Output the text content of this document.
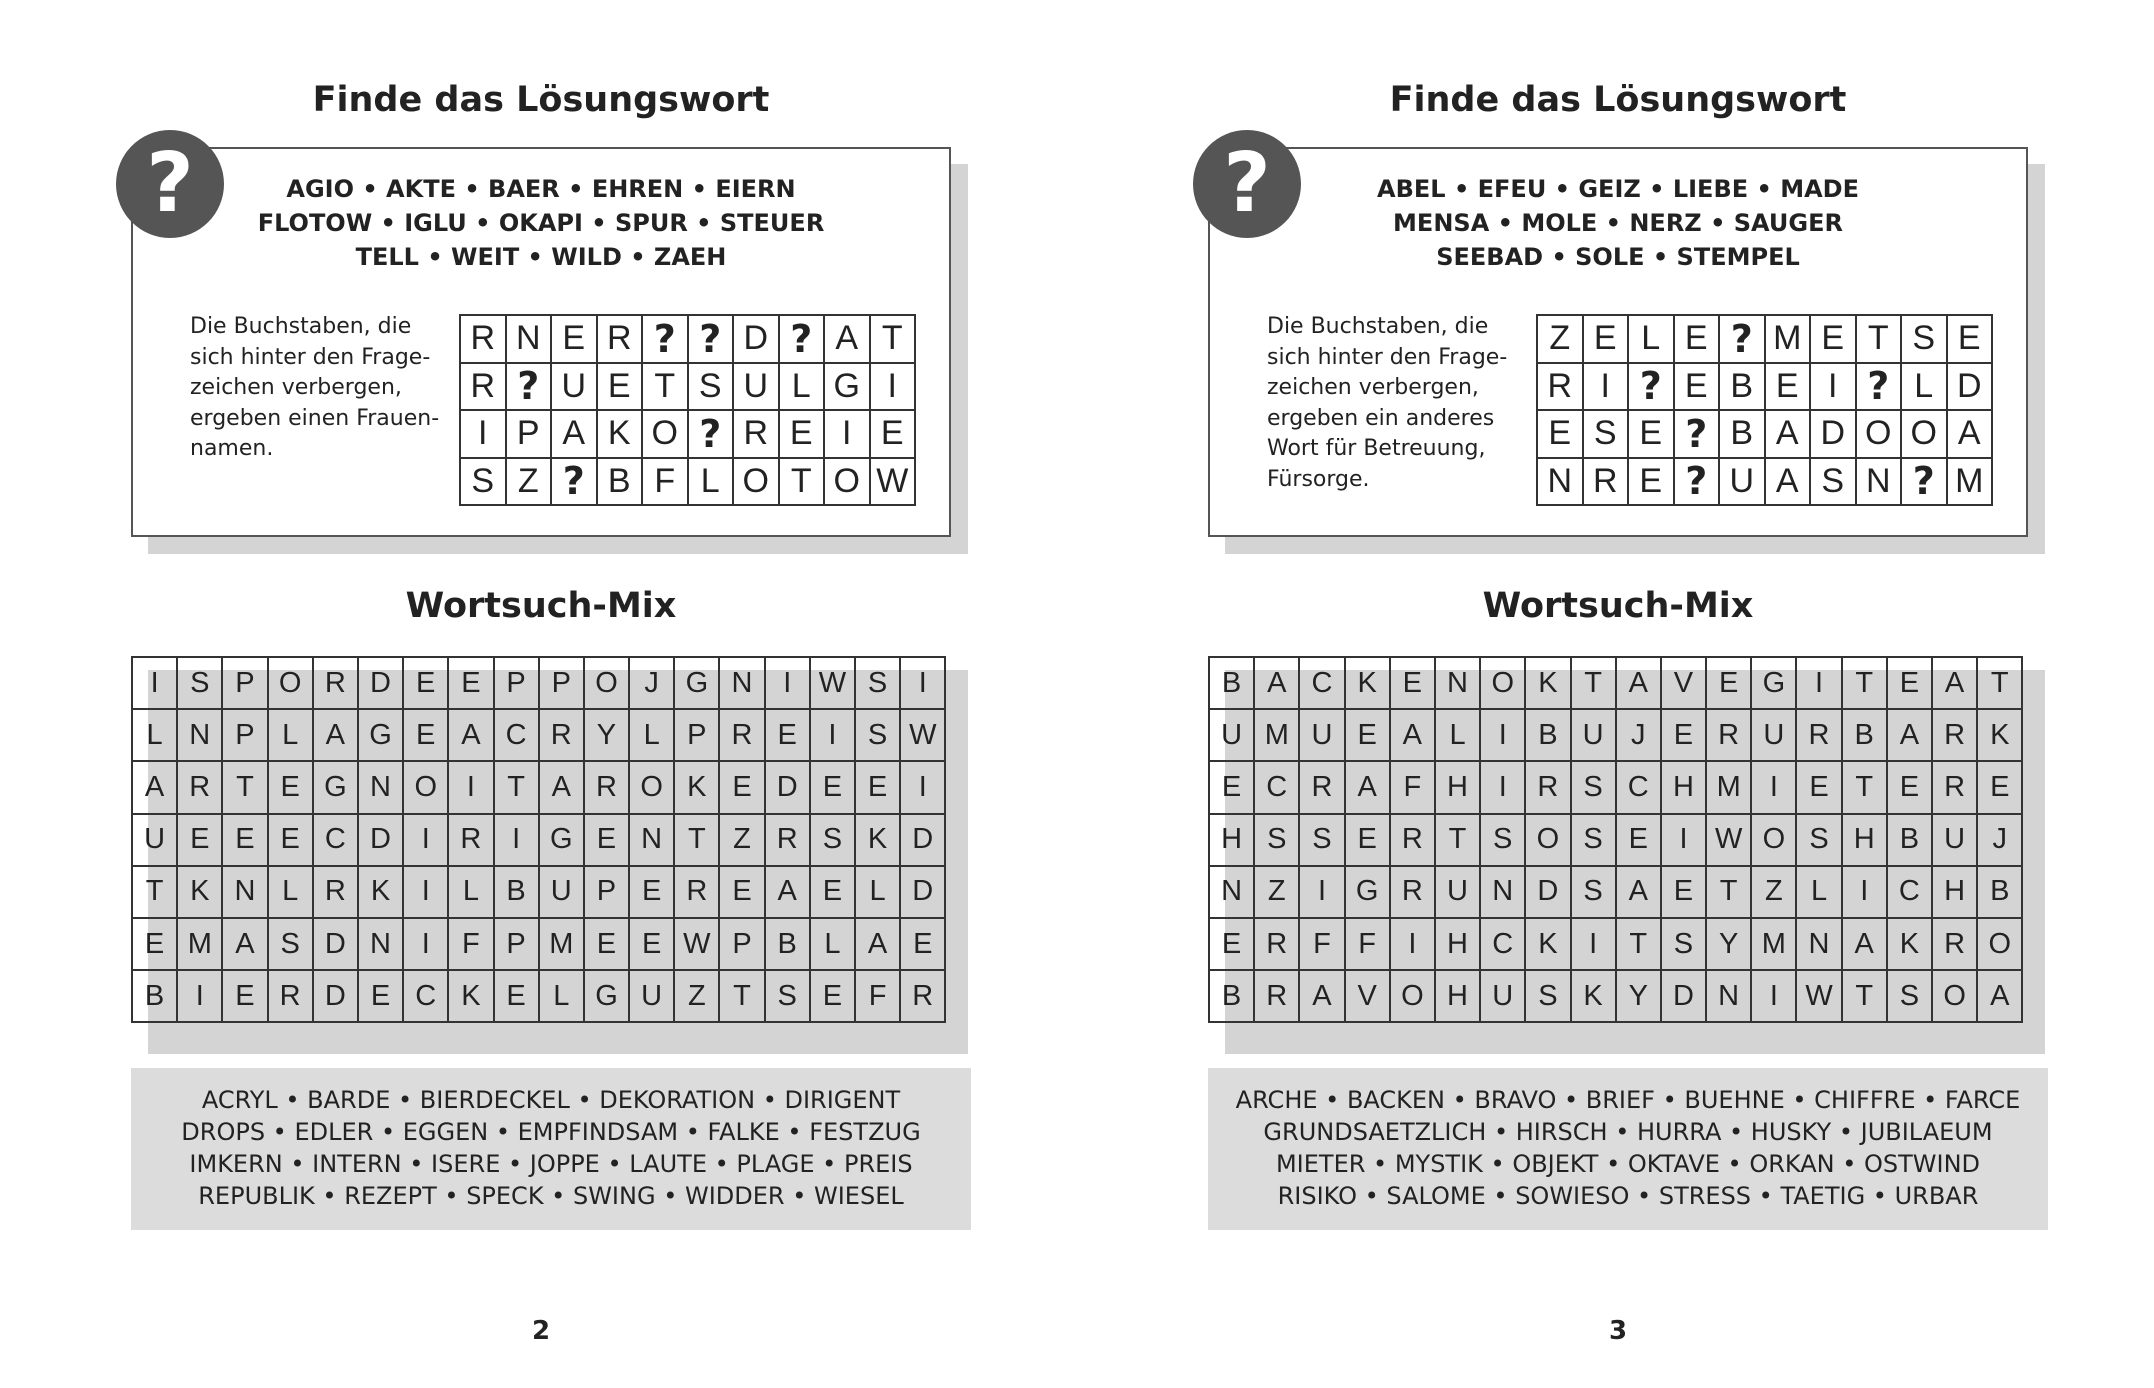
Finde das Lösungswort
?	AGIO • AKTE • BAER • EHREN • EIERN
FLOTOW • IGLU • OKAPI • SPUR • STEUER
TELL • WEIT • WILD • ZAEH
Die Buchstaben, die
sich hinter den Frage-
zeichen verbergen,
ergeben einen Frauen-
namen.
R	N	E	R	?	?	D	?	A	T
R	?	U	E	T	S	U	L	G	I
I	P	A	K	O	?	R	E	I	E
S	Z	?	B	F	L	O	T	O	W
Wortsuch-Mix
I	S	P	O	R	D	E	E	P	P	O	J	G	N	I	W	S	I
L	N	P	L	A	G	E	A	C	R	Y	L	P	R	E	I	S	W
A	R	T	E	G	N	O	I	T	A	R	O	K	E	D	E	E	I
U	E	E	E	C	D	I	R	I	G	E	N	T	Z	R	S	K	D
T	K	N	L	R	K	I	L	B	U	P	E	R	E	A	E	L	D
E	M	A	S	D	N	I	F	P	M	E	E	W	P	B	L	A	E
B	I	E	R	D	E	C	K	E	L	G	U	Z	T	S	E	F	R
ACRYL • BARDE • BIERDECKEL • DEKORATION • DIRIGENT
DROPS • EDLER • EGGEN • EMPFINDSAM • FALKE • FESTZUG
IMKERN • INTERN • ISERE • JOPPE • LAUTE • PLAGE • PREIS
REPUBLIK • REZEPT • SPECK • SWING • WIDDER • WIESEL
2
Finde das Lösungswort
?	ABEL • EFEU • GEIZ • LIEBE • MADE
MENSA • MOLE • NERZ • SAUGER
SEEBAD • SOLE • STEMPEL
Die Buchstaben, die
sich hinter den Frage-
zeichen verbergen,
ergeben ein anderes
Wort für Betreuung,
Fürsorge.
Z	E	L	E	?	M	E	T	S	E
R	I	?	E	B	E	I	?	L	D
E	S	E	?	B	A	D	O	O	A
N	R	E	?	U	A	S	N	?	M
Wortsuch-Mix
B	A	C	K	E	N	O	K	T	A	V	E	G	I	T	E	A	T
U	M	U	E	A	L	I	B	U	J	E	R	U	R	B	A	R	K
E	C	R	A	F	H	I	R	S	C	H	M	I	E	T	E	R	E
H	S	S	E	R	T	S	O	S	E	I	W	O	S	H	B	U	J
N	Z	I	G	R	U	N	D	S	A	E	T	Z	L	I	C	H	B
E	R	F	F	I	H	C	K	I	T	S	Y	M	N	A	K	R	O
B	R	A	V	O	H	U	S	K	Y	D	N	I	W	T	S	O	A
ARCHE • BACKEN • BRAVO • BRIEF • BUEHNE • CHIFFRE • FARCE
GRUNDSAETZLICH • HIRSCH • HURRA • HUSKY • JUBILAEUM
MIETER • MYSTIK • OBJEKT • OKTAVE • ORKAN • OSTWIND
RISIKO • SALOME • SOWIESO • STRESS • TAETIG • URBAR
3
